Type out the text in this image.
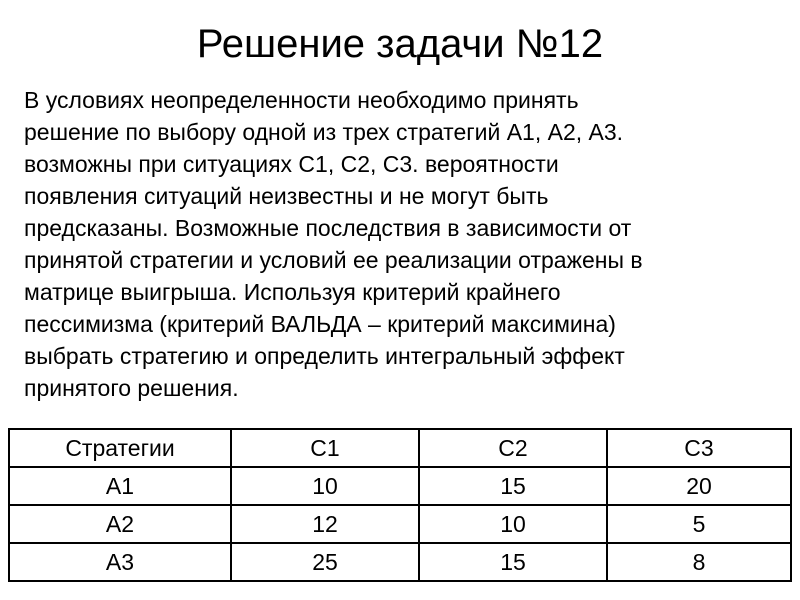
Решение задачи №12
В условиях неопределенности необходимо принять
решение по выбору одной из трех стратегий А1, А2, А3.
возможны при ситуациях С1, С2, С3. вероятности
появления ситуаций неизвестны и не могут быть
предсказаны. Возможные последствия в зависимости от
принятой стратегии и условий ее реализации отражены в
матрице выигрыша. Используя критерий крайнего
пессимизма (критерий ВАЛЬДА – критерий максимина)
выбрать стратегию и определить интегральный эффект
принятого решения.
Стратегии	С1	С2	С3
А1	10	15	20
А2	12	10	5
А3	25	15	8
